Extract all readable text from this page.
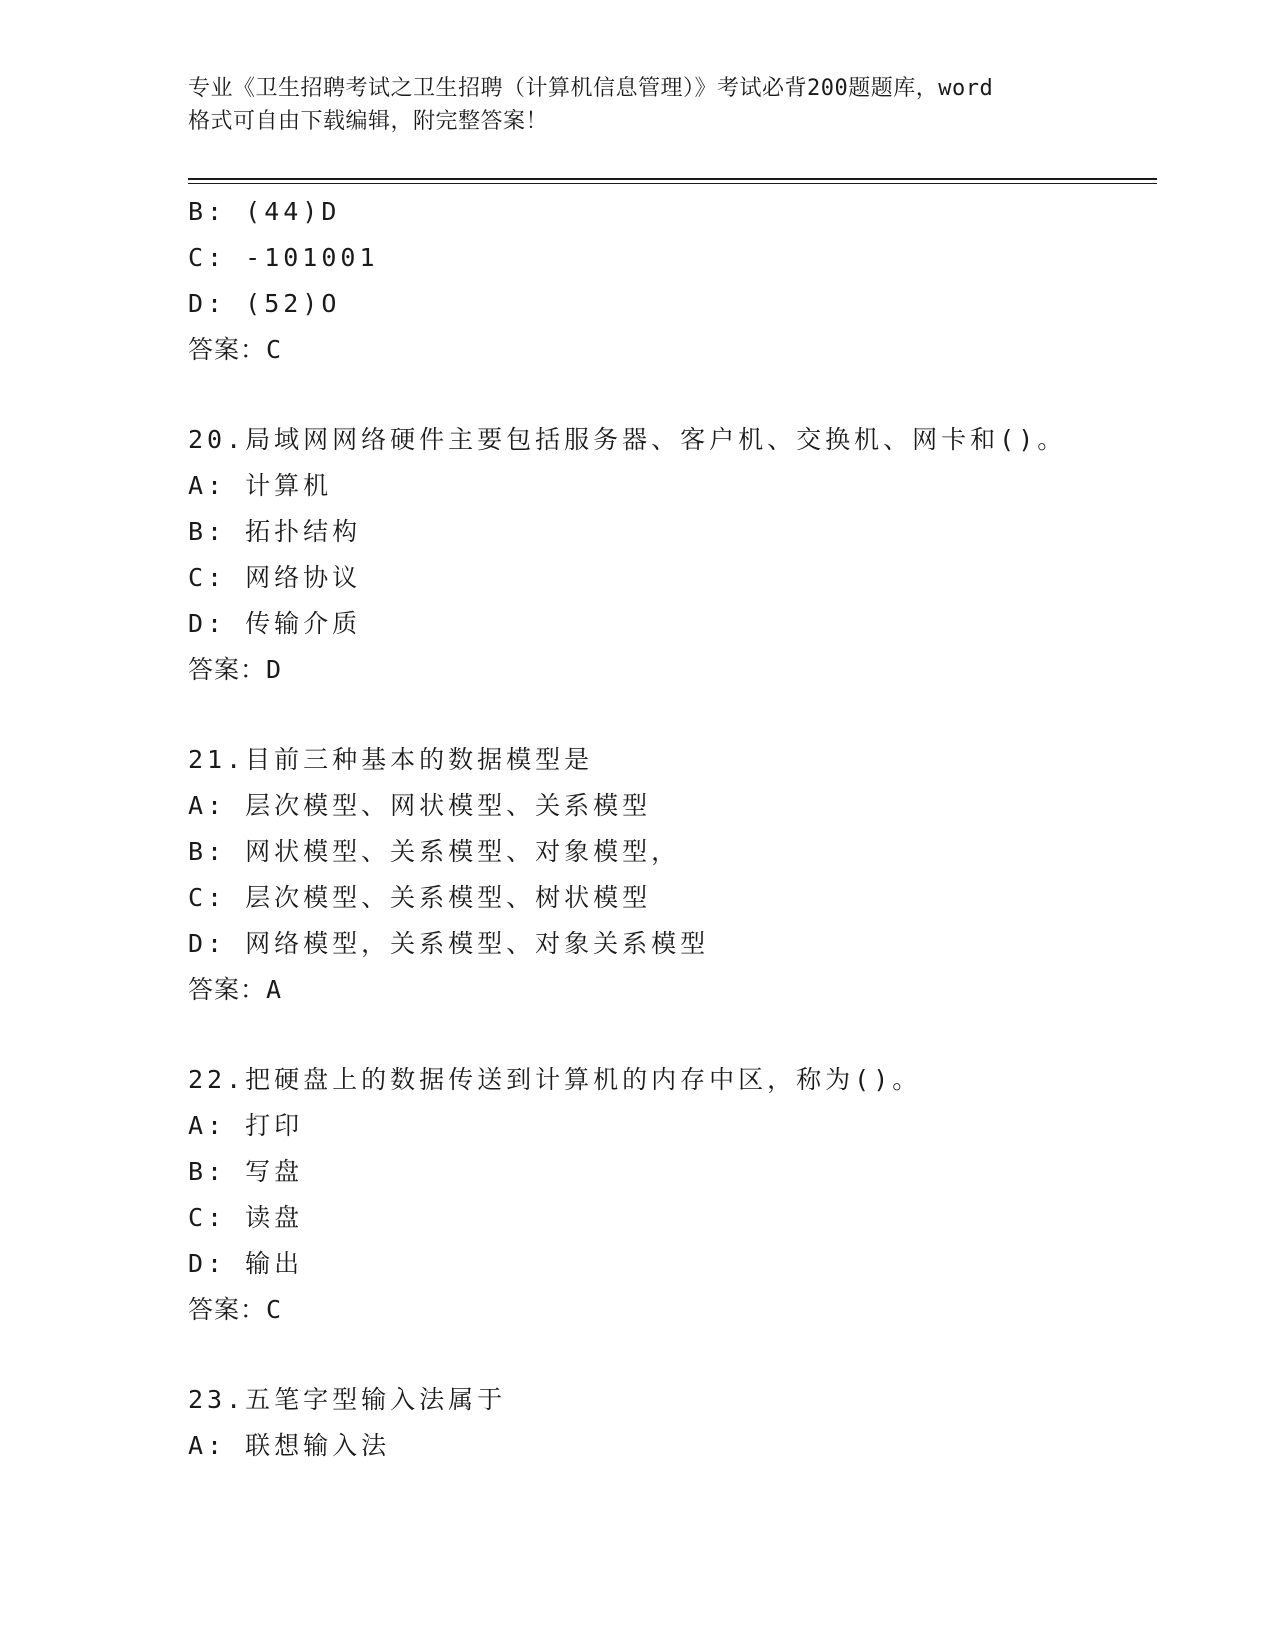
专业《卫生招聘考试之卫生招聘（计算机信息管理）》考试必背200题题库，word
格式可自由下载编辑，附完整答案！
B: (44)D
C: -101001
D: (52)O
答案：C
20.局域网网络硬件主要包括服务器、客户机、交换机、网卡和()。
A: 计算机
B: 拓扑结构
C: 网络协议
D: 传输介质
答案：D
21.目前三种基本的数据模型是
A: 层次模型、网状模型、关系模型
B: 网状模型、关系模型、对象模型，
C: 层次模型、关系模型、树状模型
D: 网络模型，关系模型、对象关系模型
答案：A
22.把硬盘上的数据传送到计算机的内存中区，称为()。
A: 打印
B: 写盘
C: 读盘
D: 输出
答案：C
23.五笔字型输入法属于
A: 联想输入法
